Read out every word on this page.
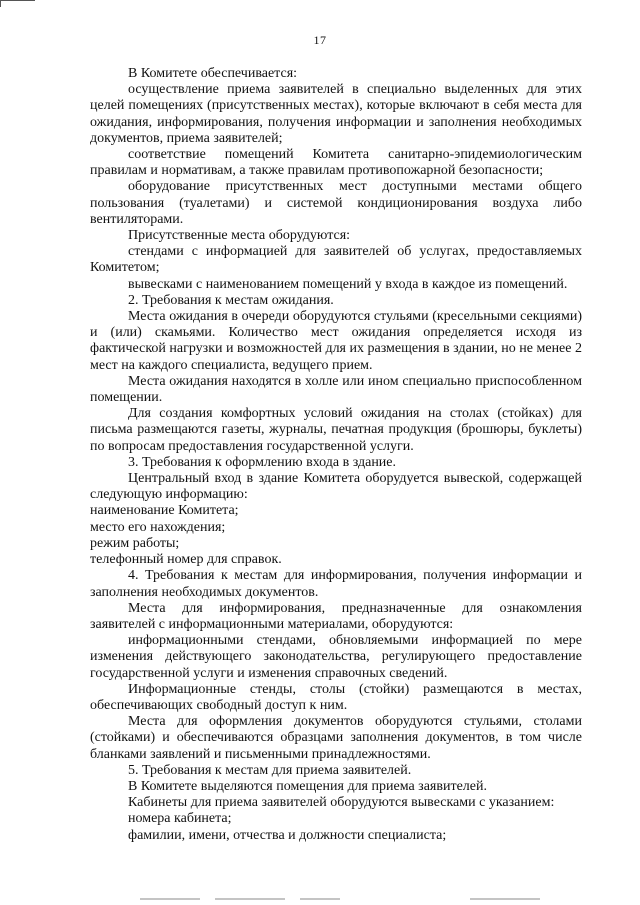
17

В Комитете обеспечивается:

осуществление приема заявителей в специально выделенных для этих целей помещениях (присутственных местах), которые включают в себя места для ожидания, информирования, получения информации и заполнения необходимых документов, приема заявителей;

соответствие помещений Комитета санитарно-эпидемиологическим правилам и нормативам, а также правилам противопожарной безопасности;

оборудование присутственных мест доступными местами общего пользования (туалетами) и системой кондиционирования воздуха либо вентиляторами.

Присутственные места оборудуются:

стендами с информацией для заявителей об услугах, предоставляемых Комитетом;

вывесками с наименованием помещений у входа в каждое из помещений.

2. Требования к местам ожидания.

Места ожидания в очереди оборудуются стульями (кресельными секциями) и (или) скамьями. Количество мест ожидания определяется исходя из фактической нагрузки и возможностей для их размещения в здании, но не менее 2 мест на каждого специалиста, ведущего прием.

Места ожидания находятся в холле или ином специально приспособленном помещении.

Для создания комфортных условий ожидания на столах (стойках) для письма размещаются газеты, журналы, печатная продукция (брошюры, буклеты) по вопросам предоставления государственной услуги.

3. Требования к оформлению входа в здание.

Центральный вход в здание Комитета оборудуется вывеской, содержащей следующую информацию:

наименование Комитета;

место его нахождения;

режим работы;

телефонный номер для справок.

4. Требования к местам для информирования, получения информации и заполнения необходимых документов.

Места для информирования, предназначенные для ознакомления заявителей с информационными материалами, оборудуются:

информационными стендами, обновляемыми информацией по мере изменения действующего законодательства, регулирующего предоставление государственной услуги и изменения справочных сведений.

Информационные стенды, столы (стойки) размещаются в местах, обеспечивающих свободный доступ к ним.

Места для оформления документов оборудуются стульями, столами (стойками) и обеспечиваются образцами заполнения документов, в том числе бланками заявлений и письменными принадлежностями.

5. Требования к местам для приема заявителей.

В Комитете выделяются помещения для приема заявителей.

Кабинеты для приема заявителей оборудуются вывесками с указанием:

номера кабинета;

фамилии, имени, отчества и должности специалиста;
